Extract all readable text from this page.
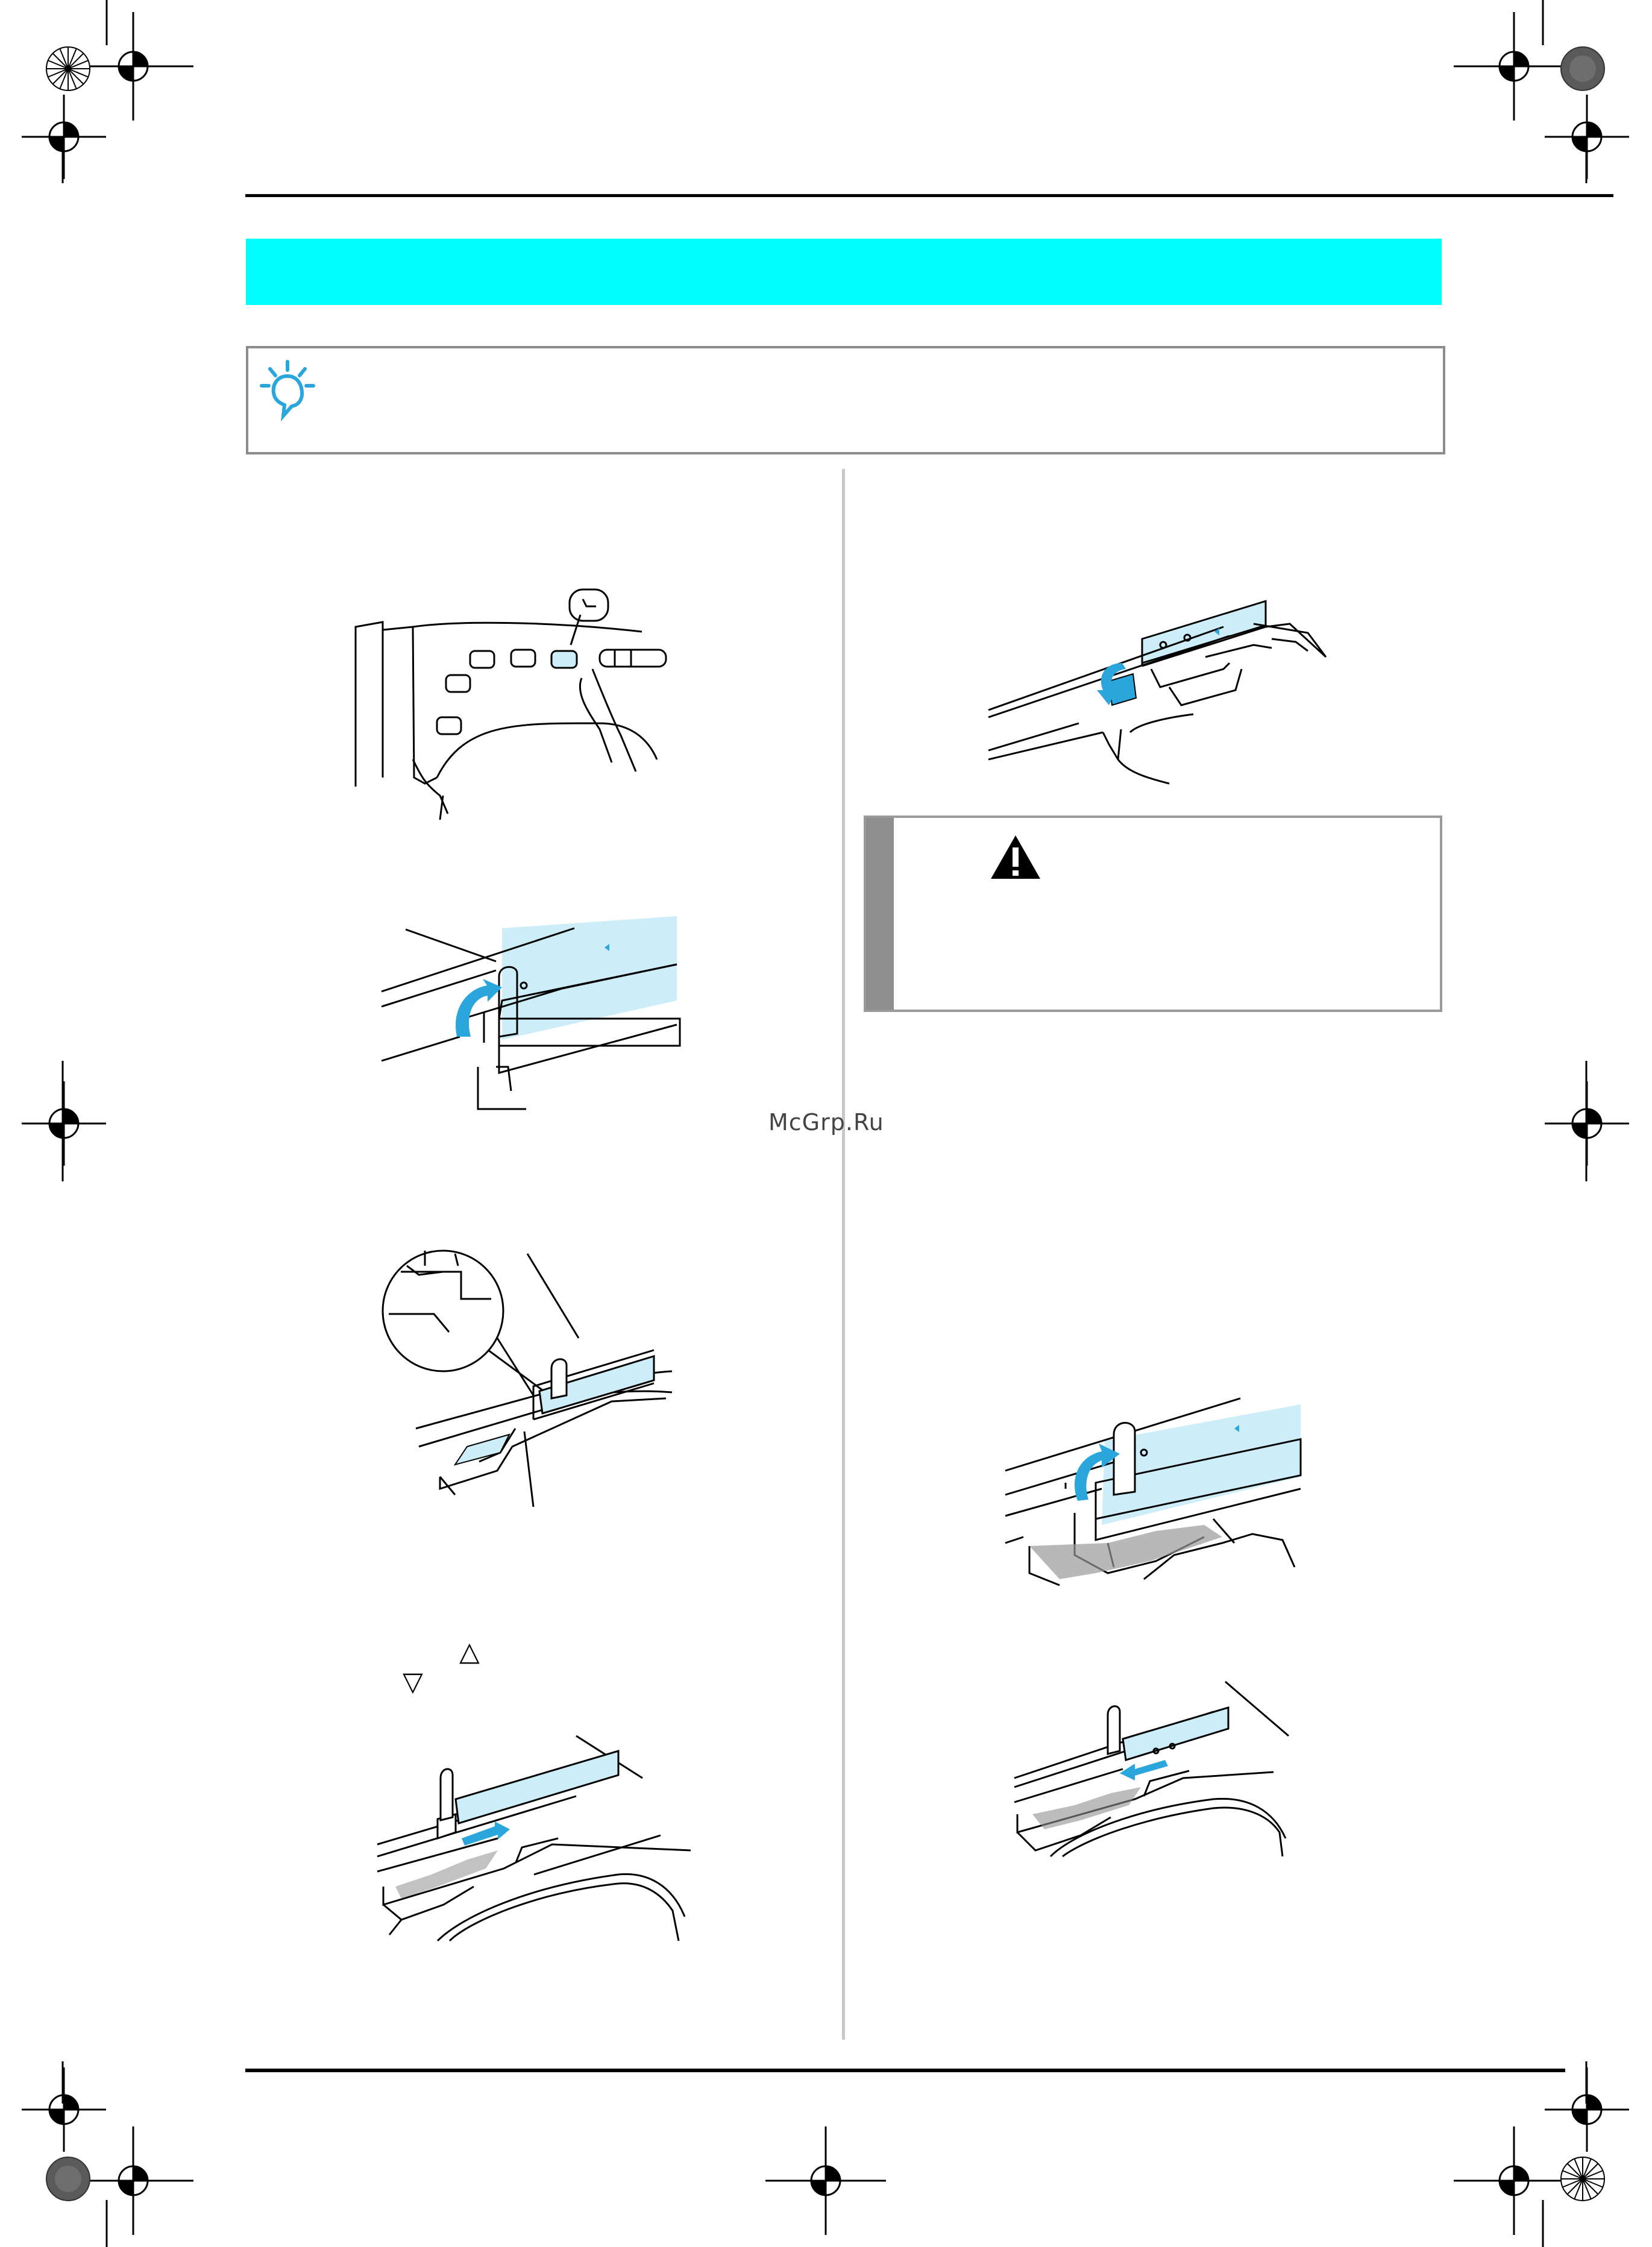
△
▽
McGrp.Ru
